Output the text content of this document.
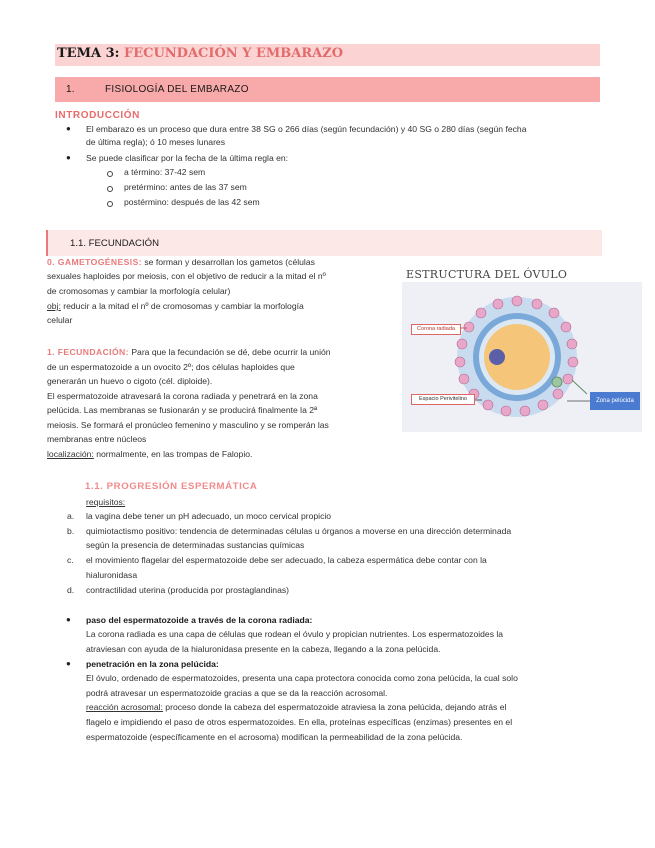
TEMA 3: FECUNDACIÓN Y EMBARAZO
1.	FISIOLOGÍA DEL EMBARAZO
INTRODUCCIÓN
● El embarazo es un proceso que dura entre 38 SG o 266 días (según fecundación) y 40 SG o 280 días (según fecha
de última regla); ó 10 meses lunares
● Se puede clasificar por la fecha de la última regla en:
a término: 37-42 sem
pretérmino: antes de las 37 sem
postérmino: después de las 42 sem
1.1. FECUNDACIÓN
0. GAMETOGÉNESIS: se forman y desarrollan los gametos (células
sexuales haploides por meiosis, con el objetivo de reducir a la mitad el nº
de cromosomas y cambiar la morfología celular)
obj: reducir a la mitad el nº de cromosomas y cambiar la morfología
celular
1. FECUNDACIÓN: Para que la fecundación se dé, debe ocurrir la unión
de un espermatozoide a un ovocito 2º; dos células haploides que
generarán un huevo o cigoto (cél. diploide).
El espermatozoide atravesará la corona radiada y penetrará en la zona
pelúcida. Las membranas se fusionarán y se producirá finalmente la 2ª
meiosis. Se formará el pronúcleo femenino y masculino y se romperán las
membranas entre núcleos
localización: normalmente, en las trompas de Falopio.
ESTRUCTURA DEL ÓVULO
Corona radiada
Espacio Perivitelino	Zona pelúcida
1.1. PROGRESIÓN ESPERMÁTICA
requisitos:
a. la vagina debe tener un pH adecuado, un moco cervical propicio
b. quimiotactismo positivo: tendencia de determinadas células u órganos a moverse en una dirección determinada
según la presencia de determinadas sustancias químicas
c. el movimiento flagelar del espermatozoide debe ser adecuado, la cabeza espermática debe contar con la
hialuronidasa
d. contractilidad uterina (producida por prostaglandinas)
● paso del espermatozoide a través de la corona radiada:
La corona radiada es una capa de células que rodean el óvulo y propician nutrientes. Los espermatozoides la
atraviesan con ayuda de la hialuronidasa presente en la cabeza, llegando a la zona pelúcida.
● penetración en la zona pelúcida:
El óvulo, ordenado de espermatozoides, presenta una capa protectora conocida como zona pelúcida, la cual solo
podrá atravesar un espermatozoide gracias a que se da la reacción acrosomal.
reacción acrosomal: proceso donde la cabeza del espermatozoide atraviesa la zona pelúcida, dejando atrás el
flagelo e impidiendo el paso de otros espermatozoides. En ella, proteínas específicas (enzimas) presentes en el
espermatozoide (específicamente en el acrosoma) modifican la permeabilidad de la zona pelúcida.
